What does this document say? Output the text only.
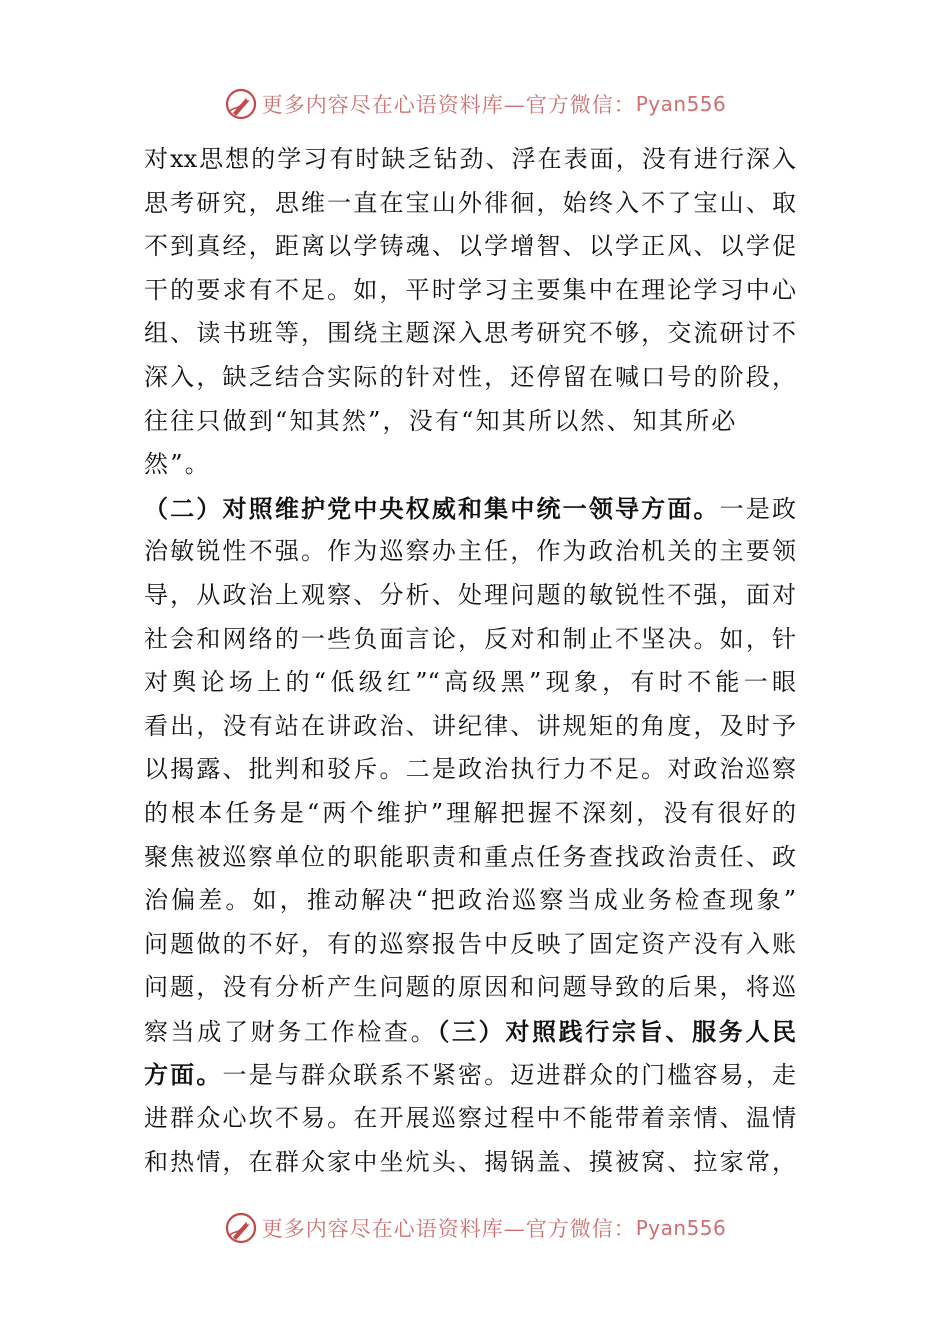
更多内容尽在心语资料库—官方微信： Pyan556
对xx思想的学习有时缺乏钻劲、浮在表面，没有进行深入
思考研究，思维一直在宝山外徘徊，始终入不了宝山、取
不到真经，距离以学铸魂、以学增智、以学正风、以学促
干的要求有不足。如，平时学习主要集中在理论学习中心
组、读书班等，围绕主题深入思考研究不够，交流研讨不
深入，缺乏结合实际的针对性，还停留在喊口号的阶段，
往往只做到“知其然”，没有“知其所以然、知其所必
然”。
（二）对照维护党中央权威和集中统一领导方面。一是政
治敏锐性不强。作为巡察办主任，作为政治机关的主要领
导，从政治上观察、分析、处理问题的敏锐性不强，面对
社会和网络的一些负面言论，反对和制止不坚决。如，针
对舆论场上的“低级红”“高级黑”现象，有时不能一眼
看出，没有站在讲政治、讲纪律、讲规矩的角度，及时予
以揭露、批判和驳斥。二是政治执行力不足。对政治巡察
的根本任务是“两个维护”理解把握不深刻，没有很好的
聚焦被巡察单位的职能职责和重点任务查找政治责任、政
治偏差。如，推动解决“把政治巡察当成业务检查现象”
问题做的不好，有的巡察报告中反映了固定资产没有入账
问题，没有分析产生问题的原因和问题导致的后果，将巡
察当成了财务工作检查。（三）对照践行宗旨、服务人民
方面。一是与群众联系不紧密。迈进群众的门槛容易，走
进群众心坎不易。在开展巡察过程中不能带着亲情、温情
和热情，在群众家中坐炕头、揭锅盖、摸被窝、拉家常，
更多内容尽在心语资料库—官方微信： Pyan556
